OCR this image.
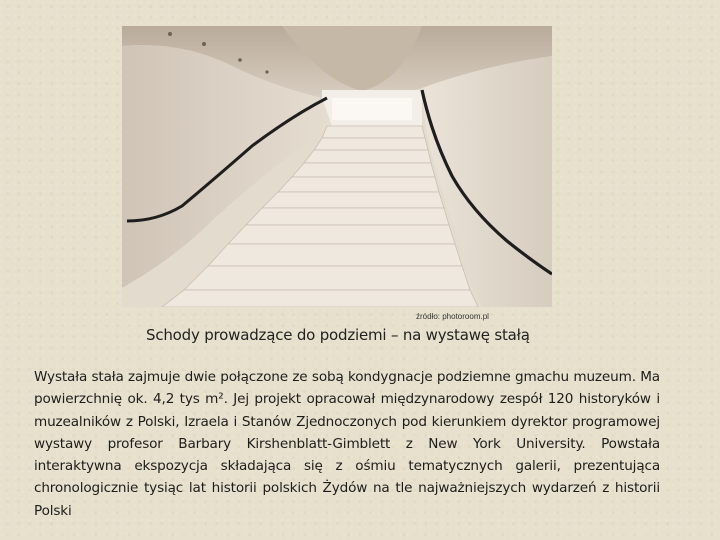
źródło: photoroom.pl
Schody prowadzące do podziemi – na wystawę stałą
Wystała stała zajmuje dwie połączone ze sobą kondygnacje podziemne gmachu muzeum. Ma powierzchnię ok. 4,2 tys m². Jej projekt opracował międzynarodowy zespół 120 historyków i muzealników z Polski, Izraela i Stanów Zjednoczonych pod kierunkiem dyrektor programowej wystawy profesor Barbary Kirshenblatt-Gimblett z New York University. Powstała interaktywna ekspozycja składająca się z ośmiu tematycznych galerii, prezentująca chronologicznie tysiąc lat historii polskich Żydów na tle najważniejszych wydarzeń z historii Polski
